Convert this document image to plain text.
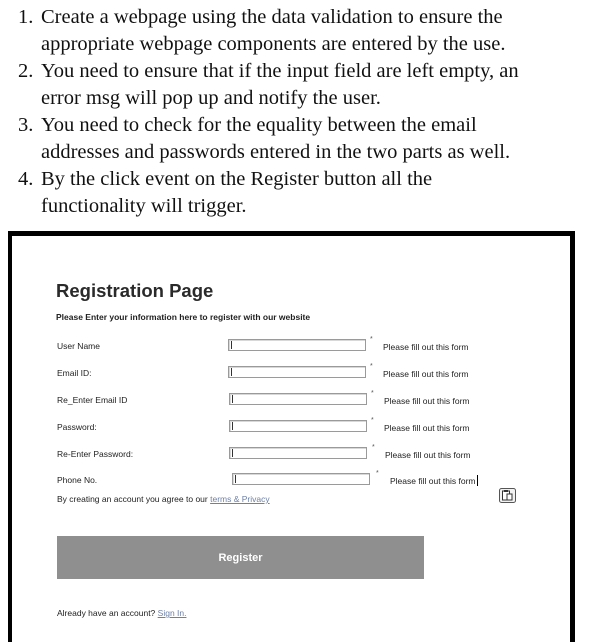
1. Create a webpage using the data validation to ensure the
appropriate webpage components are entered by the use.
2. You need to ensure that if the input field are left empty, an
error msg will pop up and notify the user.
3. You need to check for the equality between the email
addresses and passwords entered in the two parts as well.
4. By the click event on the Register button all the
functionality will trigger.
Registration Page
Please Enter your information here to register with our website
User Name
*
Please fill out this form
Email ID:
*
Please fill out this form
Re_Enter Email ID
*
Please fill out this form
Password:
*
Please fill out this form
Re-Enter Password:
*
Please fill out this form
Phone No.
*
Please fill out this form
By creating an account you agree to our terms & Privacy
Register
Already have an account? Sign In.
